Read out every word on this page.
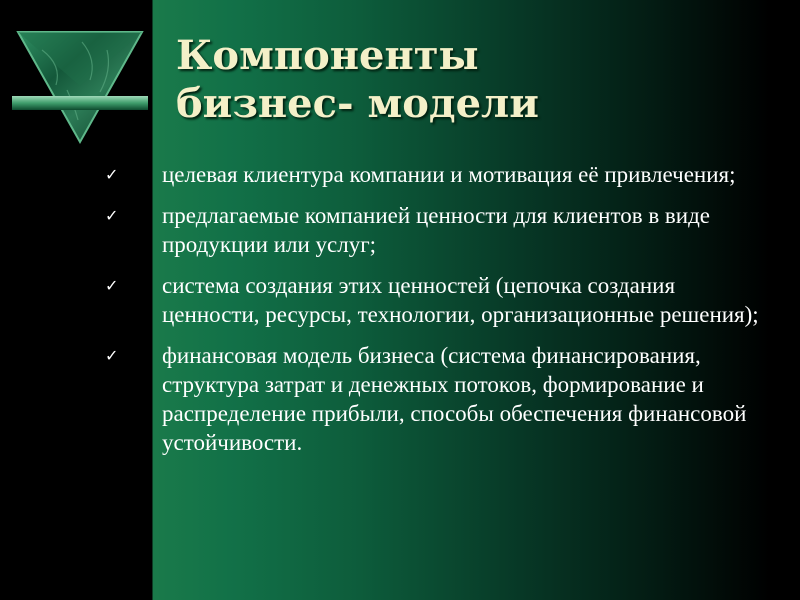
Компоненты
бизнес- модели
✓ целевая клиентура компании и мотивация её привлечения;
✓ предлагаемые компанией ценности для клиентов в виде продукции или услуг;
✓ система создания этих ценностей (цепочка создания ценности, ресурсы, технологии, организационные решения);
✓ финансовая модель бизнеса (система финансирования, структура затрат и денежных потоков, формирование и распределение прибыли, способы обеспечения финансовой устойчивости.
